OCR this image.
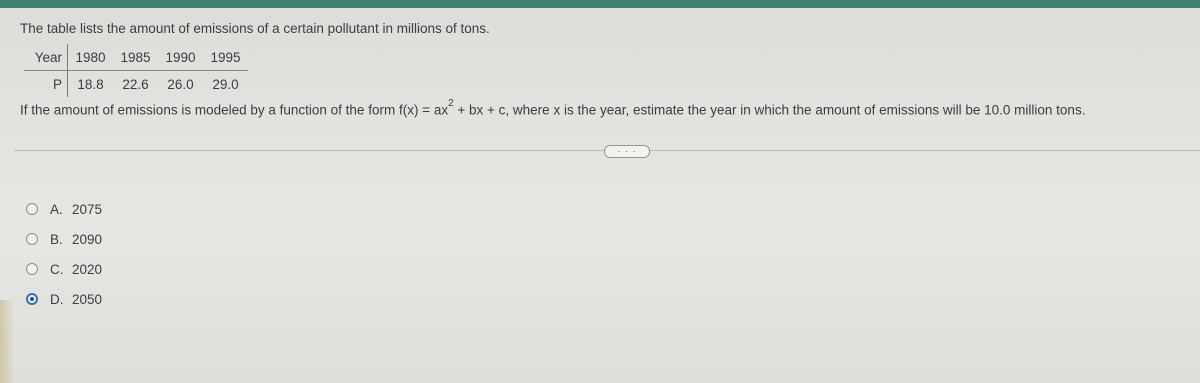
The table lists the amount of emissions of a certain pollutant in millions of tons.
Year	1980	1985	1990	1995
P	18.8	22.6	26.0	29.0
If the amount of emissions is modeled by a function of the form $f(x) = ax^2$ + bx + c, where x is the year, estimate the year in which the amount of emissions will be 10.0 million tons.
· · ·
A. 2075
B. 2090
C. 2020
D. 2050
